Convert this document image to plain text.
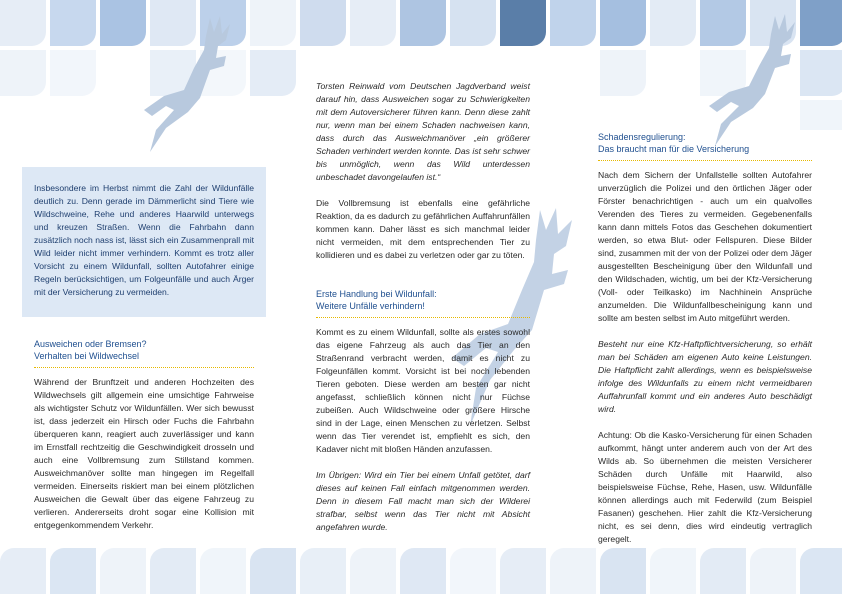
Insbesondere im Herbst nimmt die Zahl der Wildunfälle deutlich zu. Denn gerade im Dämmerlicht sind Tiere wie Wildschweine, Rehe und anderes Haarwild unterwegs und kreuzen Straßen. Wenn die Fahrbahn dann zusätzlich noch nass ist, lässt sich ein Zusammenprall mit Wild leider nicht immer verhindern. Kommt es trotz aller Vorsicht zu einem Wildunfall, sollten Autofahrer einige Regeln berücksichtigen, um Folgeunfälle und auch Ärger mit der Versicherung zu vermeiden.

Ausweichen oder Bremsen?
Verhalten bei Wildwechsel

Während der Brunftzeit und anderen Hochzeiten des Wildwechsels gilt allgemein eine umsichtige Fahrweise als wichtigster Schutz vor Wildunfällen. Wer sich bewusst ist, dass jederzeit ein Hirsch oder Fuchs die Fahrbahn überqueren kann, reagiert auch zuverlässiger und kann im Ernstfall rechtzeitig die Geschwindigkeit drosseln und auch eine Vollbremsung zum Stillstand kommen. Ausweichmanöver sollte man hingegen im Regelfall vermeiden. Einerseits riskiert man bei einem plötzlichen Ausweichen die Gewalt über das eigene Fahrzeug zu verlieren. Andererseits droht sogar eine Kollision mit entgegenkommendem Verkehr.

Torsten Reinwald vom Deutschen Jagdverband weist darauf hin, dass Ausweichen sogar zu Schwierigkeiten mit dem Autoversicherer führen kann. Denn diese zahlt nur, wenn man bei einem Schaden nachweisen kann, dass durch das Ausweichmanöver „ein größerer Schaden verhindert werden konnte. Das ist sehr schwer bis unmöglich, wenn das Wild unterdessen unbeschadet davongelaufen ist.“

Die Vollbremsung ist ebenfalls eine gefährliche Reaktion, da es dadurch zu gefährlichen Auffahrunfällen kommen kann. Daher lässt es sich manchmal leider nicht vermeiden, mit dem entsprechenden Tier zu kollidieren und es dabei zu verletzen oder gar zu töten.

Erste Handlung bei Wildunfall:
Weitere Unfälle verhindern!

Kommt es zu einem Wildunfall, sollte als erstes sowohl das eigene Fahrzeug als auch das Tier an den Straßenrand verbracht werden, damit es nicht zu Folgeunfällen kommt. Vorsicht ist bei noch lebenden Tieren geboten. Diese werden am besten gar nicht angefasst, schließlich können nicht nur Füchse zubeißen. Auch Wildschweine oder größere Hirsche sind in der Lage, einen Menschen zu verletzen. Selbst wenn das Tier verendet ist, empfiehlt es sich, den Kadaver nicht mit bloßen Händen anzufassen.

Im Übrigen: Wird ein Tier bei einem Unfall getötet, darf dieses auf keinen Fall einfach mitgenommen werden. Denn in diesem Fall macht man sich der Wilderei strafbar, selbst wenn das Tier nicht mit Absicht angefahren wurde.

Schadensregulierung:
Das braucht man für die Versicherung

Nach dem Sichern der Unfallstelle sollten Autofahrer unverzüglich die Polizei und den örtlichen Jäger oder Förster benachrichtigen - auch um ein qualvolles Verenden des Tieres zu vermeiden. Gegebenenfalls kann dann mittels Fotos das Geschehen dokumentiert werden, so etwa Blut- oder Fellspuren. Diese Bilder sind, zusammen mit der von der Polizei oder dem Jäger ausgestellten Bescheinigung über den Wildunfall und den Wildschaden, wichtig, um bei der Kfz-Versicherung (Voll- oder Teilkasko) im Nachhinein Ansprüche anzumelden. Die Wildunfallbescheinigung kann und sollte am besten selbst im Auto mitgeführt werden.

Besteht nur eine Kfz-Haftpflichtversicherung, so erhält man bei Schäden am eigenen Auto keine Leistungen. Die Haftpflicht zahlt allerdings, wenn es beispielsweise infolge des Wildunfalls zu einem nicht vermeidbaren Auffahrunfall kommt und ein anderes Auto beschädigt wird.

Achtung: Ob die Kasko-Versicherung für einen Schaden aufkommt, hängt unter anderem auch von der Art des Wilds ab. So übernehmen die meisten Versicherer Schäden durch Unfälle mit Haarwild, also beispielsweise Füchse, Rehe, Hasen, usw. Wildunfälle können allerdings auch mit Federwild (zum Beispiel Fasanen) geschehen. Hier zahlt die Kfz-Versicherung nicht, es sei denn, dies wird eindeutig vertraglich geregelt.
